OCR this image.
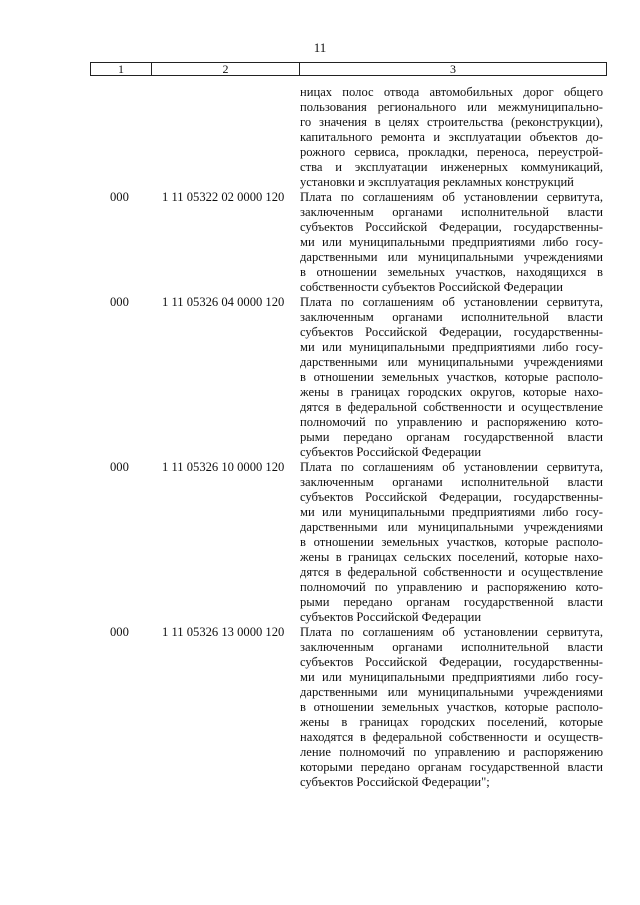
11
1	2	3
ницах полос отвода автомобильных дорог общего
пользования регионального или межмуниципально-
го значения в целях строительства (реконструкции),
капитального ремонта и эксплуатации объектов до-
рожного сервиса, прокладки, переноса, переустрой-
ства и эксплуатации инженерных коммуникаций,
установки и эксплуатация рекламных конструкций
000	1 11 05322 02 0000 120	Плата по соглашениям об установлении сервитута,
заключенным органами исполнительной власти
субъектов Российской Федерации, государственны-
ми или муниципальными предприятиями либо госу-
дарственными или муниципальными учреждениями
в отношении земельных участков, находящихся в
собственности субъектов Российской Федерации
000	1 11 05326 04 0000 120	Плата по соглашениям об установлении сервитута,
заключенным органами исполнительной власти
субъектов Российской Федерации, государственны-
ми или муниципальными предприятиями либо госу-
дарственными или муниципальными учреждениями
в отношении земельных участков, которые располо-
жены в границах городских округов, которые нахо-
дятся в федеральной собственности и осуществление
полномочий по управлению и распоряжению кото-
рыми передано органам государственной власти
субъектов Российской Федерации
000	1 11 05326 10 0000 120	Плата по соглашениям об установлении сервитута,
заключенным органами исполнительной власти
субъектов Российской Федерации, государственны-
ми или муниципальными предприятиями либо госу-
дарственными или муниципальными учреждениями
в отношении земельных участков, которые располо-
жены в границах сельских поселений, которые нахо-
дятся в федеральной собственности и осуществление
полномочий по управлению и распоряжению кото-
рыми передано органам государственной власти
субъектов Российской Федерации
000	1 11 05326 13 0000 120	Плата по соглашениям об установлении сервитута,
заключенным органами исполнительной власти
субъектов Российской Федерации, государственны-
ми или муниципальными предприятиями либо госу-
дарственными или муниципальными учреждениями
в отношении земельных участков, которые располо-
жены в границах городских поселений, которые
находятся в федеральной собственности и осуществ-
ление полномочий по управлению и распоряжению
которыми передано органам государственной власти
субъектов Российской Федерации";
